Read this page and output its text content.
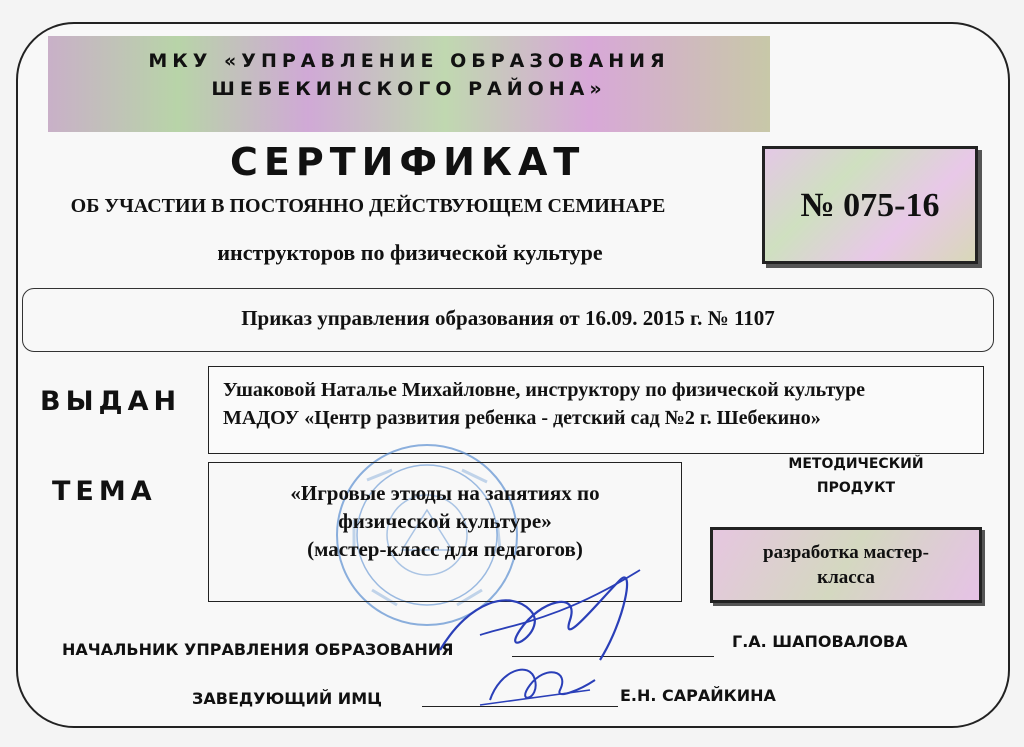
МКУ «УПРАВЛЕНИЕ ОБРАЗОВАНИЯ
ШЕБЕКИНСКОГО РАЙОНА»
СЕРТИФИКАТ
ОБ УЧАСТИИ В ПОСТОЯННО ДЕЙСТВУЮЩЕМ СЕМИНАРЕ
инструкторов по физической культуре
№ 075-16
Приказ управления образования от 16.09. 2015 г. № 1107
ВЫДАН Ушаковой Наталье Михайловне, инструктору по физической культуре
МАДОУ «Центр развития ребенка - детский сад №2 г. Шебекино»
ТЕМА	«Игровые этюды на занятиях по
физической культуре»
(мастер-класс для педагогов)
МЕТОДИЧЕСКИЙ
ПРОДУКТ
разработка мастер-
класса
НАЧАЛЬНИК УПРАВЛЕНИЯ ОБРАЗОВАНИЯ	Г.А. ШАПОВАЛОВА
ЗАВЕДУЮЩИЙ ИМЦ	Е.Н. САРАЙКИНА
